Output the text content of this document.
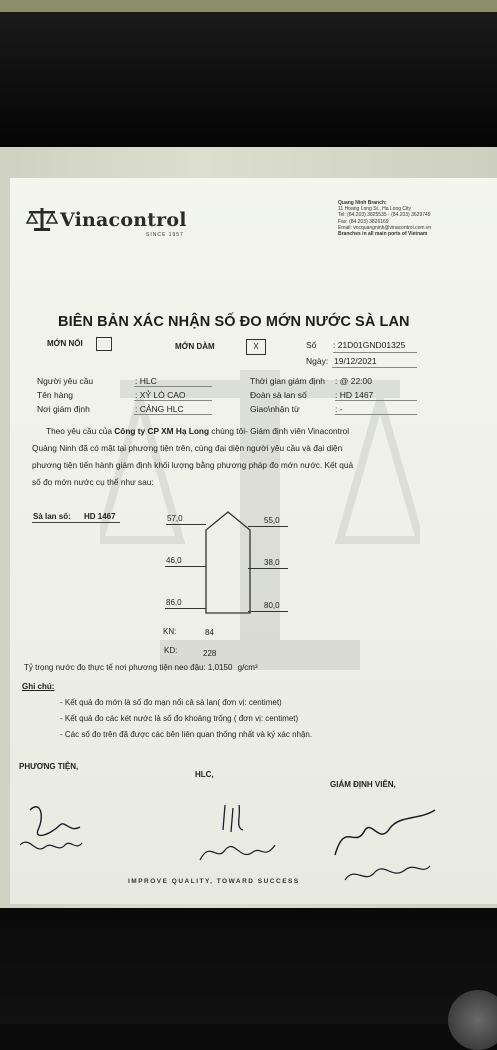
Vinacontrol
SINCE 1957
Quang Ninh Branch:
11 Hoang Long St., Ha Long City
Tel: (84.203) 3825535 - (84.203) 3629749
Fax: (84.203) 3826169
Email: vncquangninh@vinacontrol.com.vn
Branches in all main ports of Vietnam
BIÊN BẢN XÁC NHẬN SỐ ĐO MỚN NƯỚC SÀ LAN
MỚN NỔI	MỚN DÀM	X	Số : 21D01GND01325
Ngày: 19/12/2021
Người yêu cầu	: HLC
Tên hàng	: XỶ LÒ CAO
Nơi giám định	: CẢNG HLC
Thời gian giám định : @ 22:00
Đoàn sà lan số	: HD 1467
Giao\nhận từ	: -
Theo yêu cầu của Công ty CP XM Hạ Long chúng tôi- Giám định viên Vinacontrol
Quảng Ninh đã có mặt tại phương tiện trên, cùng đại diện người yêu cầu và đại diện
phương tiện tiến hành giám định khối lượng bằng phương pháp đo mớn nước. Kết quả
số đo mớn nước cụ thể như sau:
Sà lan số: HD 1467	57,0	55,0
46,0	38,0
86,0	80,0
KN:	84
KD:	228
Tỷ trọng nước đo thực tế nơi phương tiện neo đậu: 1,0150 g/cm³
Ghi chú:
- Kết quả đo mớn là số đo mạn nổi cả sà lan( đơn vị: centimet)
- Kết quả đo các két nước là số đo khoảng trống ( đơn vị: centimet)
- Các số đo trên đã được các bên liên quan thống nhất và ký xác nhận.
PHƯƠNG TIỆN,
HLC,
GIÁM ĐỊNH VIÊN,
IMPROVE QUALITY, TOWARD SUCCESS
